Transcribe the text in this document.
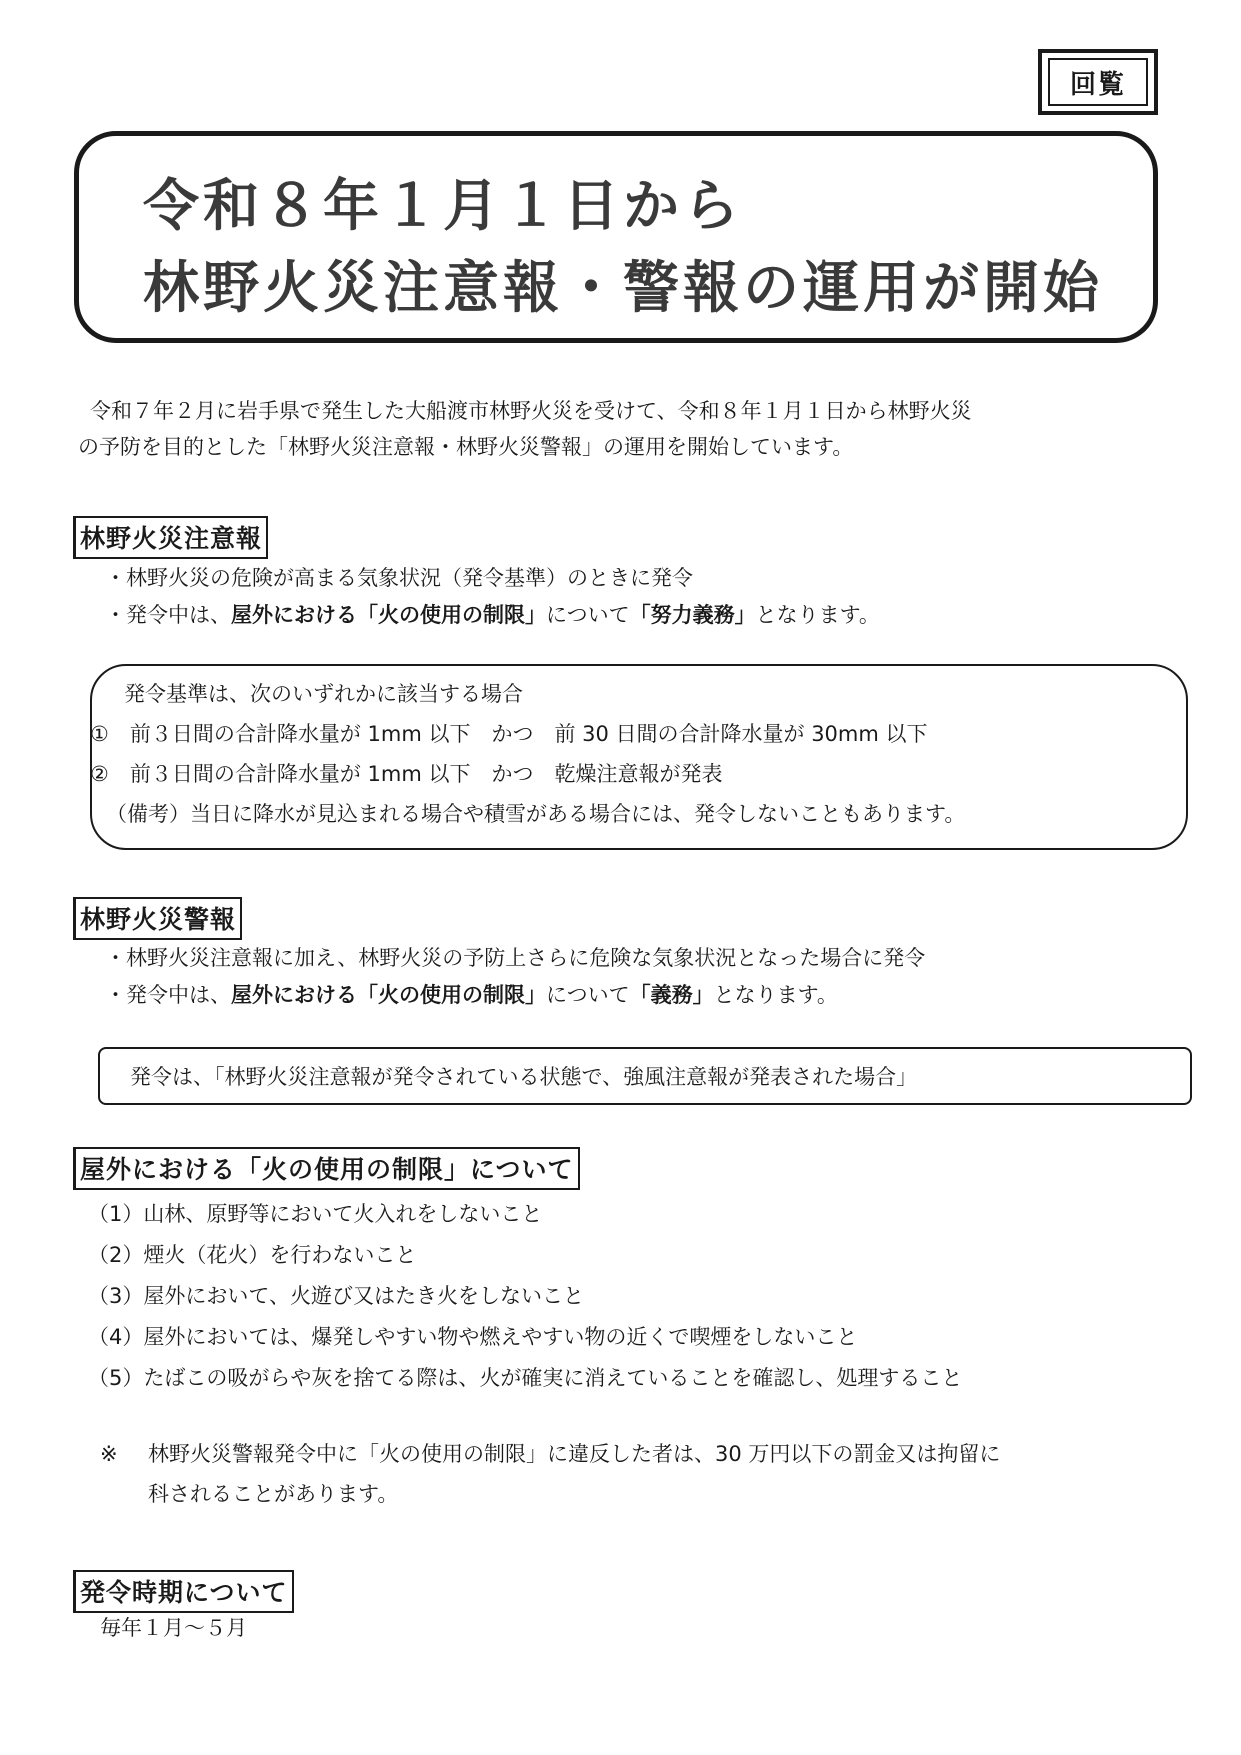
回覧
令和８年１月１日から
林野火災注意報・警報の運用が開始
令和７年２月に岩手県で発生した大船渡市林野火災を受けて、令和８年１月１日から林野火災
の予防を目的とした「林野火災注意報・林野火災警報」の運用を開始しています。
林野火災注意報
・林野火災の危険が高まる気象状況（発令基準）のときに発令
・発令中は、屋外における「火の使用の制限」について「努力義務」となります。
発令基準は、次のいずれかに該当する場合
①　前３日間の合計降水量が 1mm 以下　かつ　前 30 日間の合計降水量が 30mm 以下
②　前３日間の合計降水量が 1mm 以下　かつ　乾燥注意報が発表
（備考）当日に降水が見込まれる場合や積雪がある場合には、発令しないこともあります。
林野火災警報
・林野火災注意報に加え、林野火災の予防上さらに危険な気象状況となった場合に発令
・発令中は、屋外における「火の使用の制限」について「義務」となります。
発令は、「林野火災注意報が発令されている状態で、強風注意報が発表された場合」
屋外における「火の使用の制限」について
（1）山林、原野等において火入れをしないこと
（2）煙火（花火）を行わないこと
（3）屋外において、火遊び又はたき火をしないこと
（4）屋外においては、爆発しやすい物や燃えやすい物の近くで喫煙をしないこと
（5）たばこの吸がらや灰を捨てる際は、火が確実に消えていることを確認し、処理すること
※ 林野火災警報発令中に「火の使用の制限」に違反した者は、30 万円以下の罰金又は拘留に
科されることがあります。
発令時期について
毎年１月～５月
